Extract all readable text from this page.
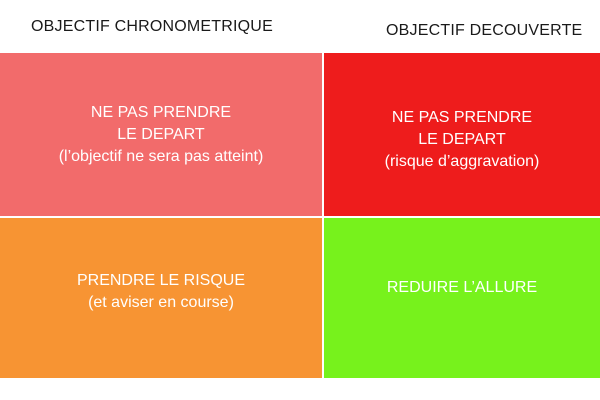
OBJECTIF CHRONOMETRIQUE	OBJECTIF DECOUVERTE
NE PAS PRENDRE
LE DEPART
(l’objectif ne sera pas atteint)
NE PAS PRENDRE
LE DEPART
(risque d’aggravation)
PRENDRE LE RISQUE
(et aviser en course)
REDUIRE L’ALLURE
